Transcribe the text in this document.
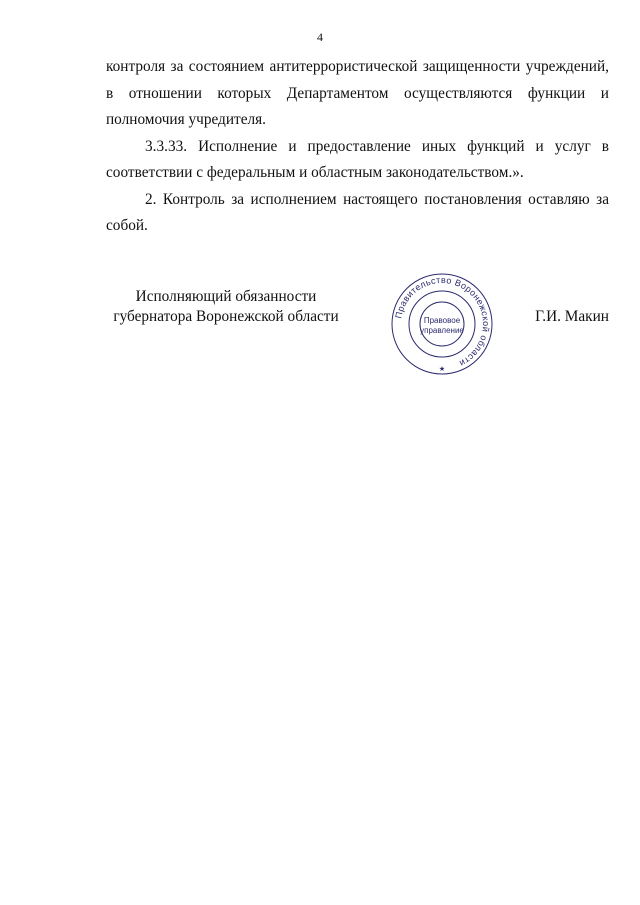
4

контроля за состоянием антитеррористической защищенности учреждений, в отношении которых Департаментом осуществляются функции и полномочия учредителя.

3.3.33. Исполнение и предоставление иных функций и услуг в соответствии с федеральным и областным законодательством.».

2. Контроль за исполнением настоящего постановления оставляю за собой.

Исполняющий обязанности
губернатора Воронежской области	Г.И. Макин
Правительство Воронежской области
Правовое
управление
★
